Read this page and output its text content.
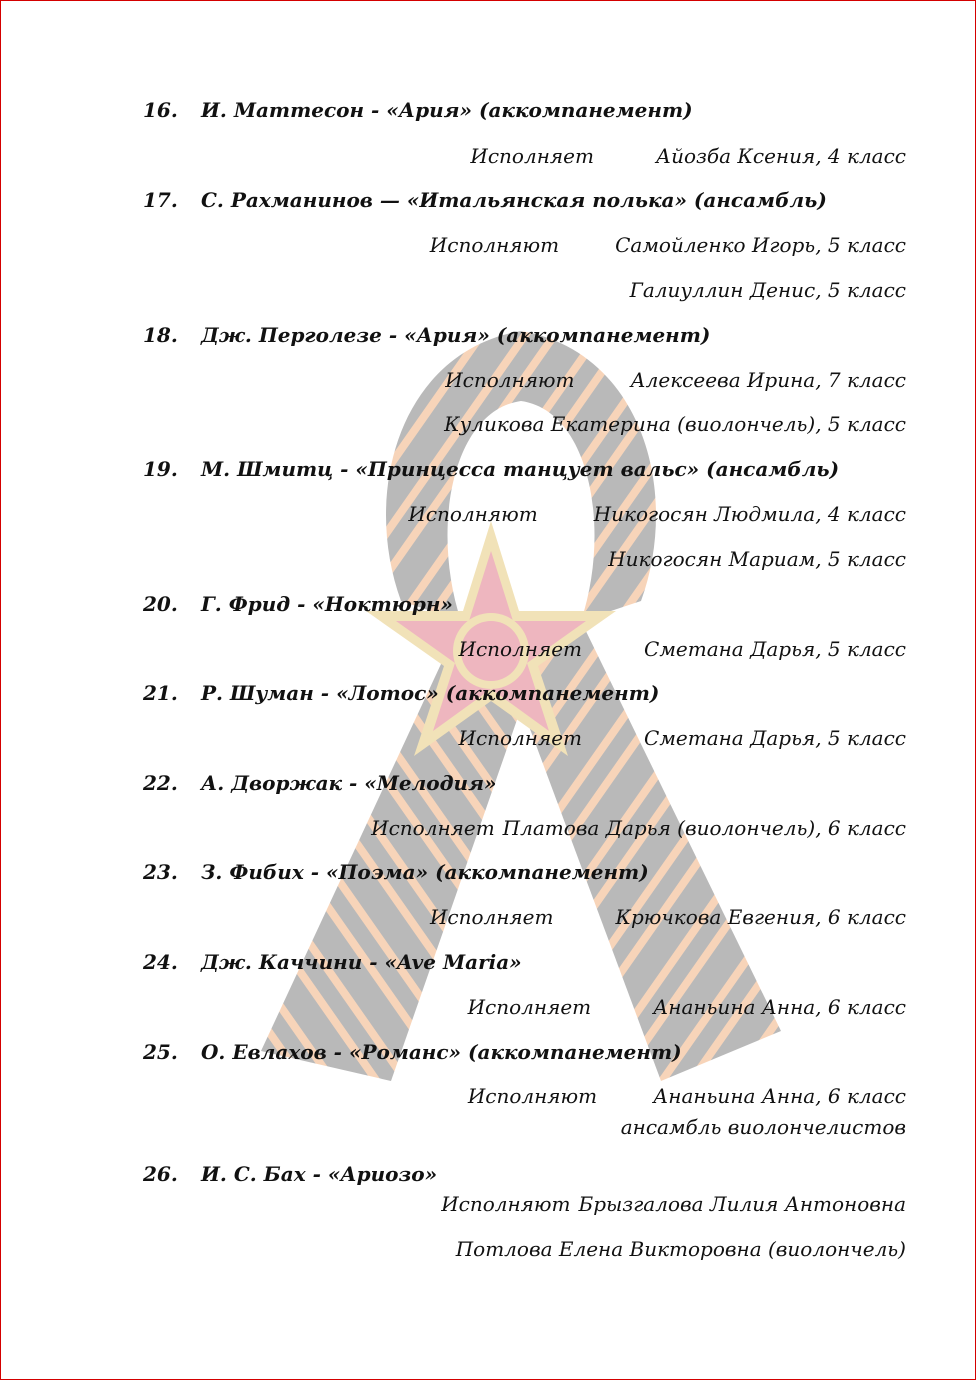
16. И. Маттесон - «Ария» (аккомпанемент)
Исполняет	Айозба Ксения, 4 класс
17. С. Рахманинов — «Итальянская полька» (ансамбль)
Исполняют	Самойленко Игорь, 5 класс
Галиуллин Денис, 5 класс
18. Дж. Перголезе - «Ария» (аккомпанемент)
Исполняют	Алексеева Ирина, 7 класс
Куликова Екатерина (виолончель), 5 класс
19. М. Шмитц - «Принцесса танцует вальс» (ансамбль)
Исполняют	Никогосян Людмила, 4 класс
Никогосян Мариам, 5 класс
20. Г. Фрид - «Ноктюрн»
Исполняет	Сметана Дарья, 5 класс
21. Р. Шуман - «Лотос» (аккомпанемент)
Исполняет	Сметана Дарья, 5 класс
22. А. Дворжак - «Мелодия»
Исполняет Платова Дарья (виолончель), 6 класс
23. З. Фибих - «Поэма» (аккомпанемент)
Исполняет	Крючкова Евгения, 6 класс
24. Дж. Каччини - «Ave Maria»
Исполняет	Ананьина Анна, 6 класс
25. О. Евлахов - «Романс» (аккомпанемент)
Исполняют	Ананьина Анна, 6 класс
ансамбль виолончелистов
26. И. С. Бах - «Ариозо»
Исполняют Брызгалова Лилия Антоновна
Потлова Елена Викторовна (виолончель)
